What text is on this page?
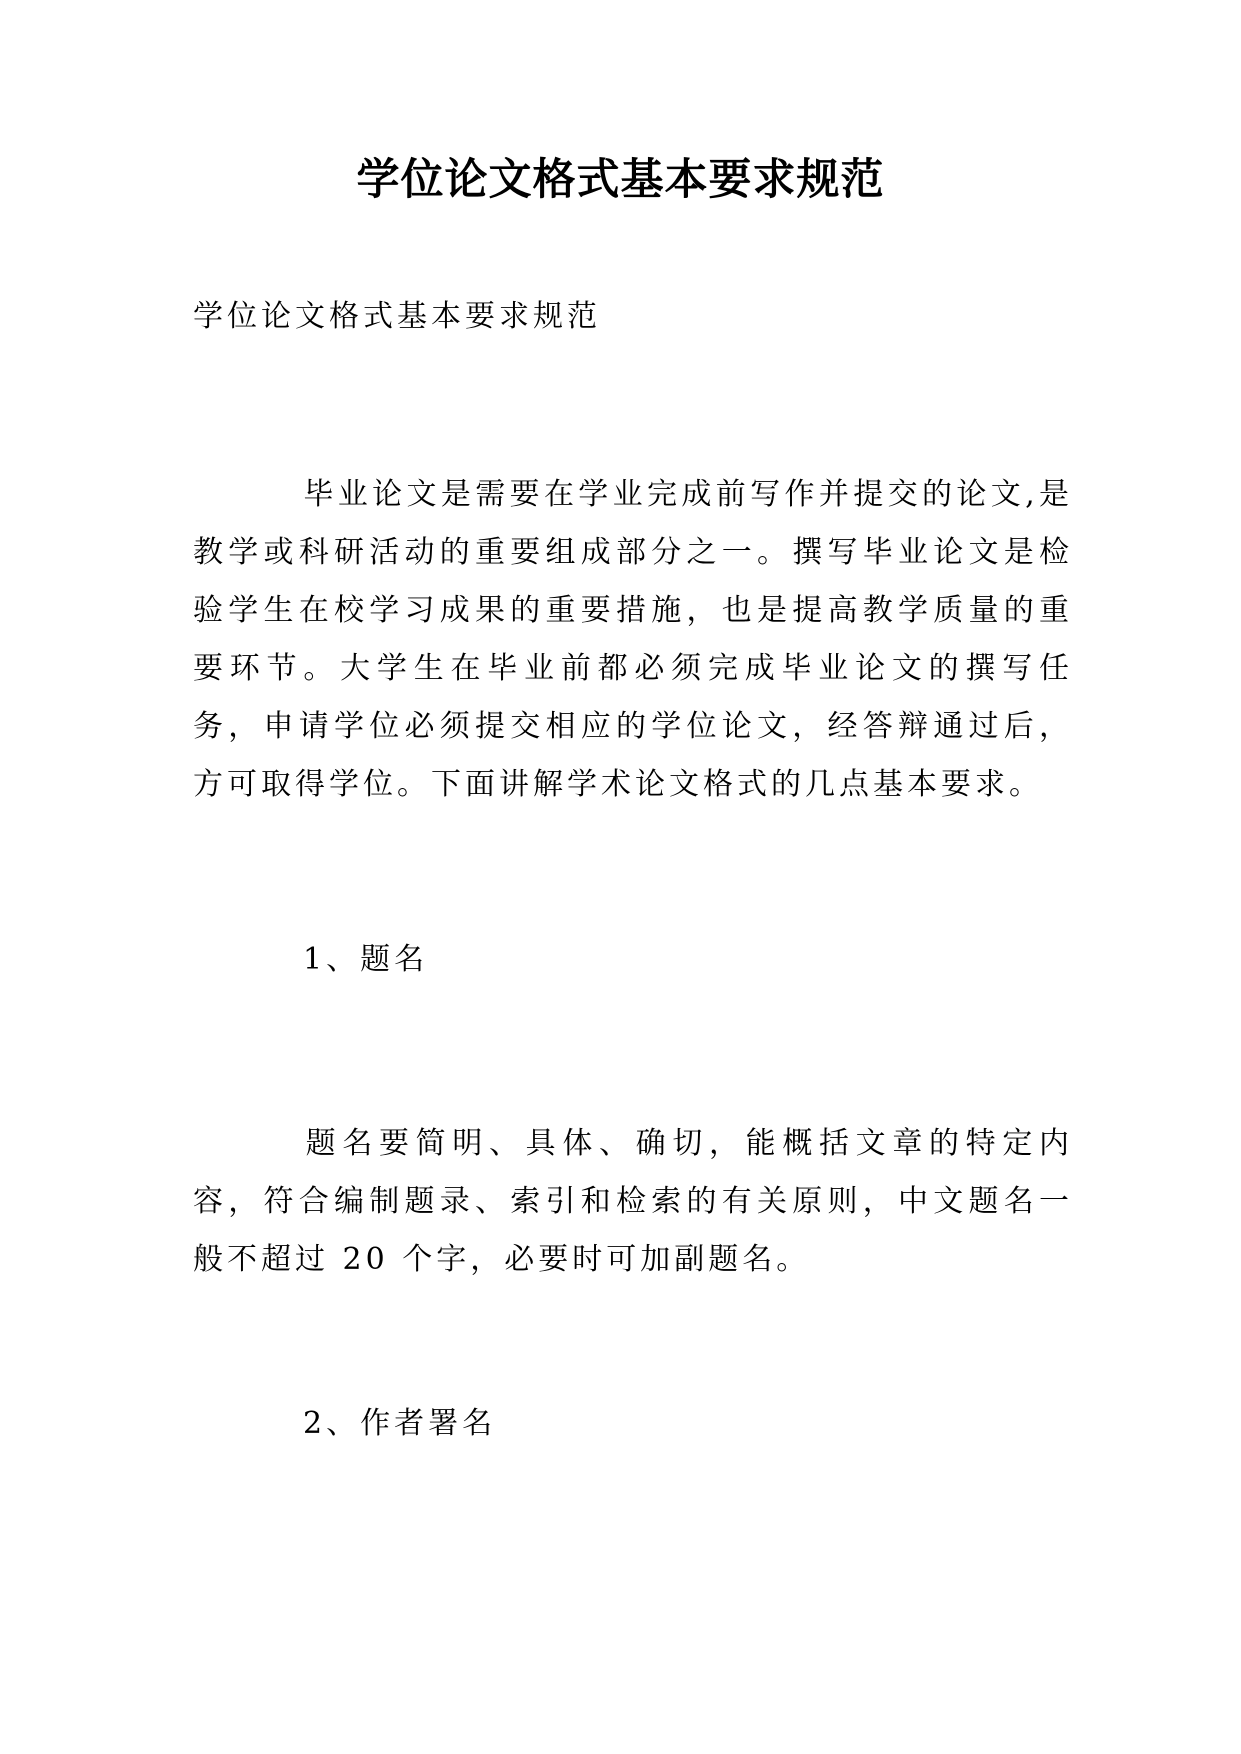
学位论文格式基本要求规范

学位论文格式基本要求规范

毕业论文是需要在学业完成前写作并提交的论文,是教学或科研活动的重要组成部分之一。撰写毕业论文是检验学生在校学习成果的重要措施，也是提高教学质量的重要环节。大学生在毕业前都必须完成毕业论文的撰写任务，申请学位必须提交相应的学位论文，经答辩通过后，方可取得学位。下面讲解学术论文格式的几点基本要求。

1、题名

题名要简明、具体、确切，能概括文章的特定内容，符合编制题录、索引和检索的有关原则，中文题名一般不超过 20 个字，必要时可加副题名。

2、作者署名
